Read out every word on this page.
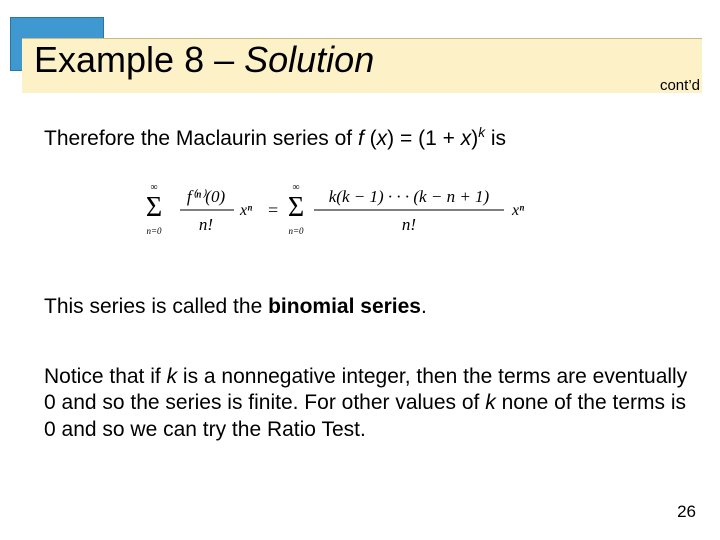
Example 8 – Solution
cont’d

Therefore the Maclaurin series of f $(x) = (1 + x)^k$ is

∞
Σ
n=0
f⁽ⁿ⁾(0)
n!
xⁿ =
∞
Σ
n=0
k(k − 1) · · · (k − n + 1)
n!
xⁿ

This series is called the binomial series.

Notice that if k is a nonnegative integer, then the terms are eventually 0 and so the series is finite. For other values of k none of the terms is 0 and so we can try the Ratio Test.

26
